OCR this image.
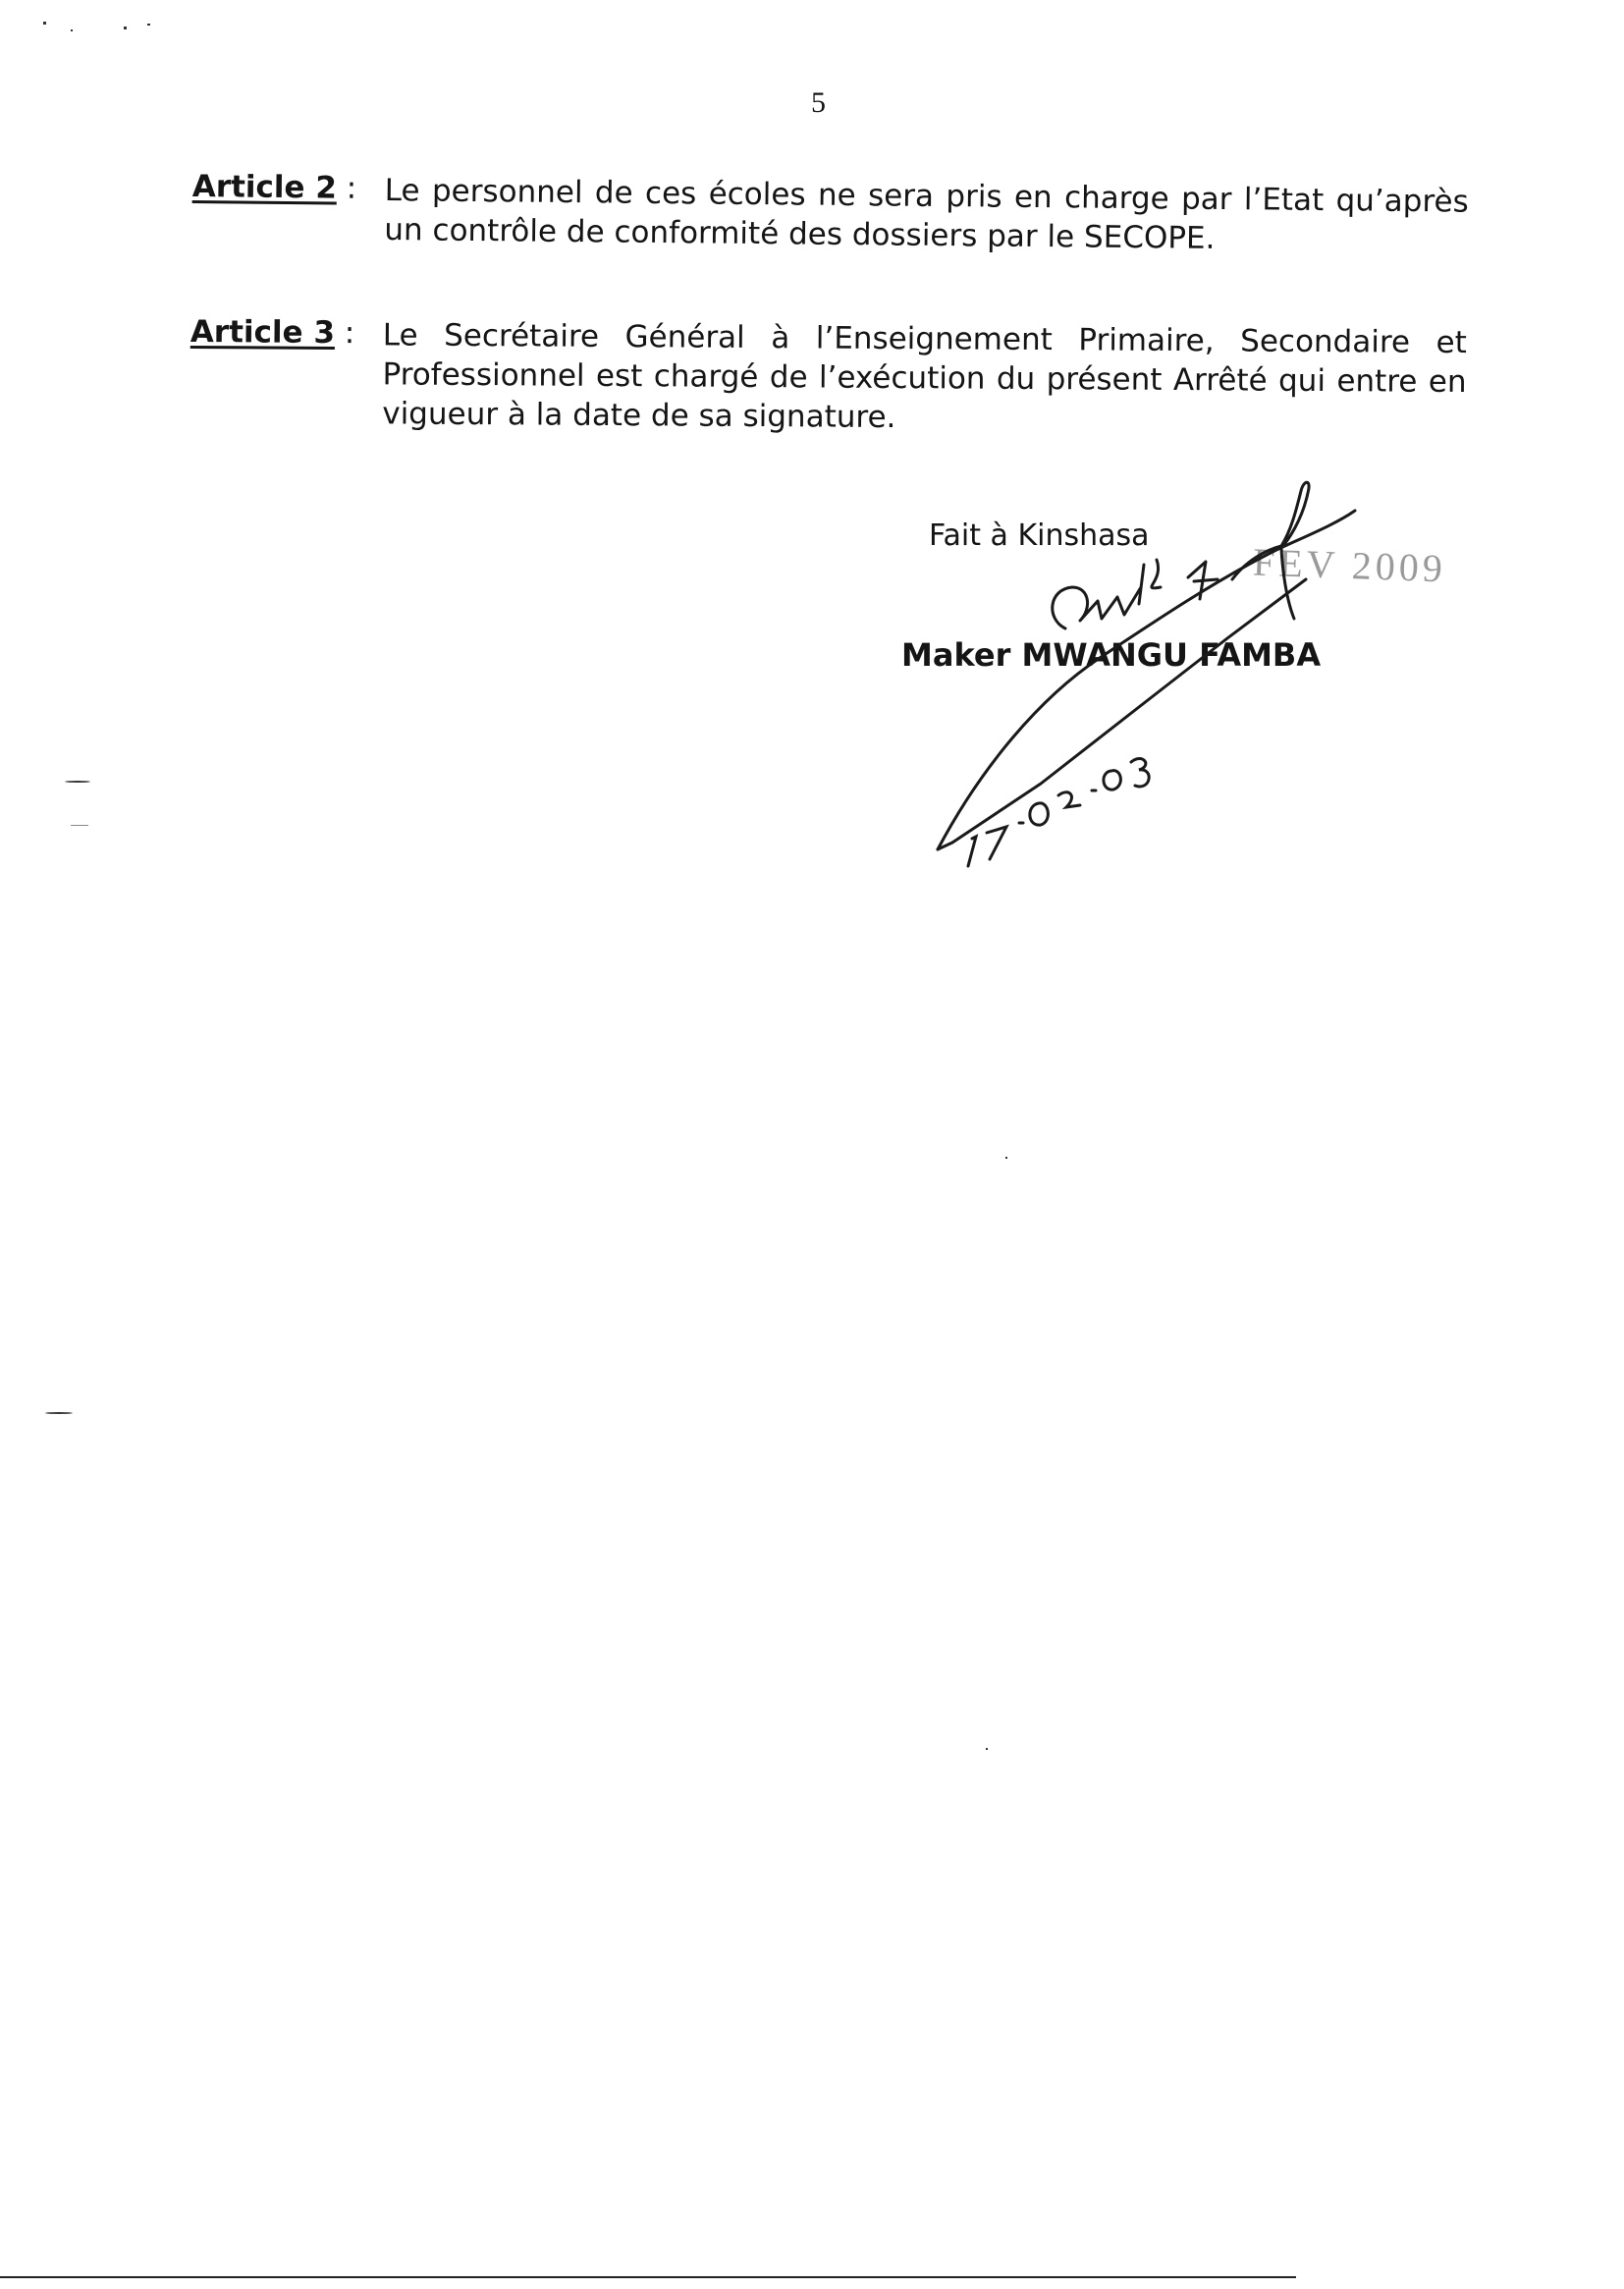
5
Article 2 : Le personnel de ces écoles ne sera pris en charge par l’Etat qu’après un contrôle de conformité des dossiers par le SECOPE.
Article 3 : Le Secrétaire Général à l’Enseignement Primaire, Secondaire et Professionnel est chargé de l’exécution du présent Arrêté qui entre en vigueur à la date de sa signature.
Fait à Kinshasa
Maker MWANGU FAMBA
FEV 2009
